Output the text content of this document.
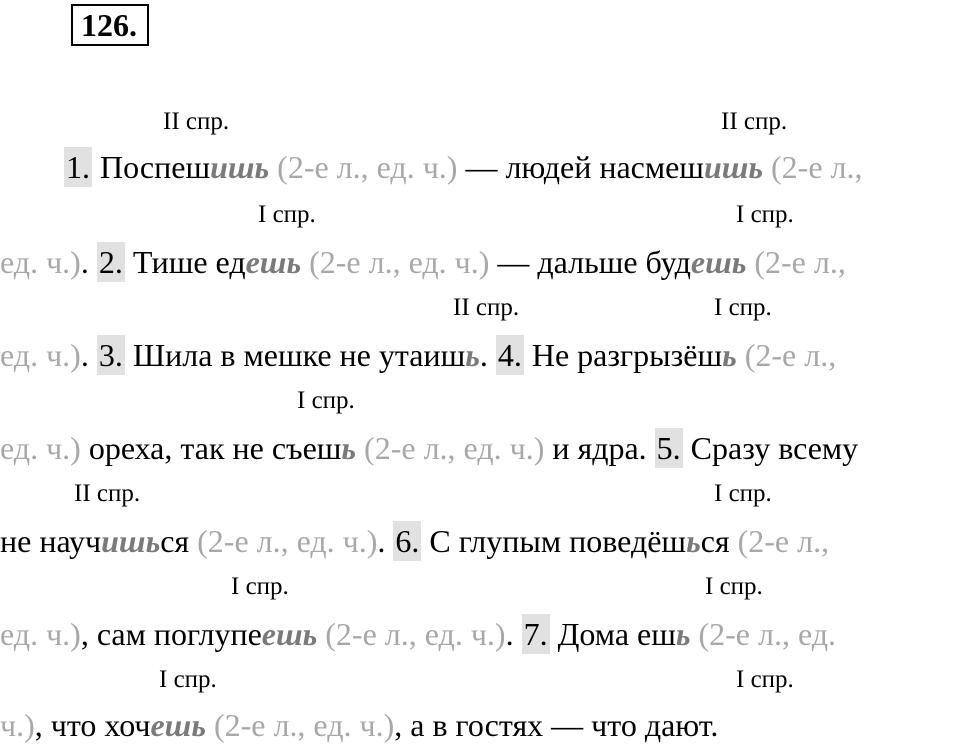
126.
II спр.	II спр.
1. Поспешишь (2-е л., ед. ч.) — людей насмешишь (2-е л.,
I спр.	I спр.
ед. ч.). 2. Тише едешь (2-е л., ед. ч.) — дальше будешь (2-е л.,
II спр.	I спр.
ед. ч.). 3. Шила в мешке не утаишь. 4. Не разгрызёшь (2-е л.,
I спр.
ед. ч.) ореха, так не съешь (2-е л., ед. ч.) и ядра. 5. Сразу всему
II спр.	I спр.
не научишься (2-е л., ед. ч.). 6. С глупым поведёшься (2-е л.,
I спр.	I спр.
ед. ч.), сам поглупеешь (2-е л., ед. ч.). 7. Дома ешь (2-е л., ед.
I спр.	I спр.
ч.), что хочешь (2-е л., ед. ч.), а в гостях — что дают.
